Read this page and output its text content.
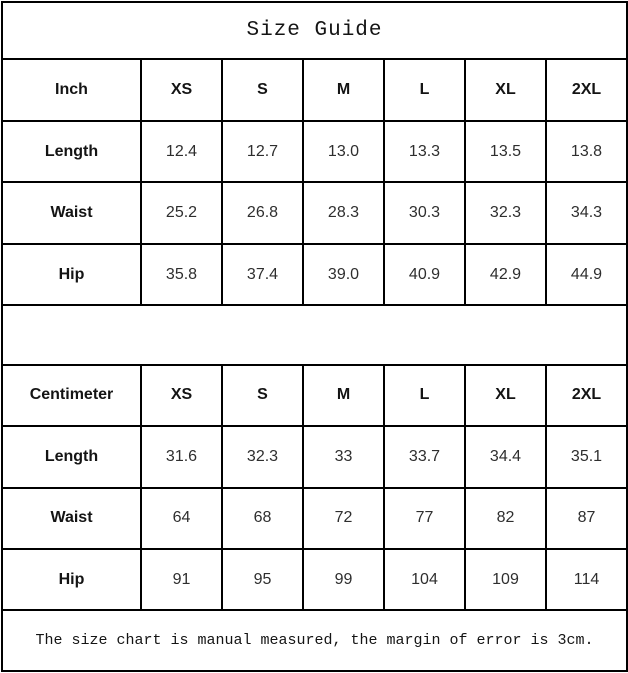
Size Guide						
Inch	XS	S	M	L	XL	2XL
Length	12.4	12.7	13.0	13.3	13.5	13.8
Waist	25.2	26.8	28.3	30.3	32.3	34.3
Hip	35.8	37.4	39.0	40.9	42.9	44.9

Centimeter	XS	S	M	L	XL	2XL
Length	31.6	32.3	33	33.7	34.4	35.1
Waist	64	68	72	77	82	87
Hip	91	95	99	104	109	114
The size chart is manual measured, the margin of error is 3cm.						
